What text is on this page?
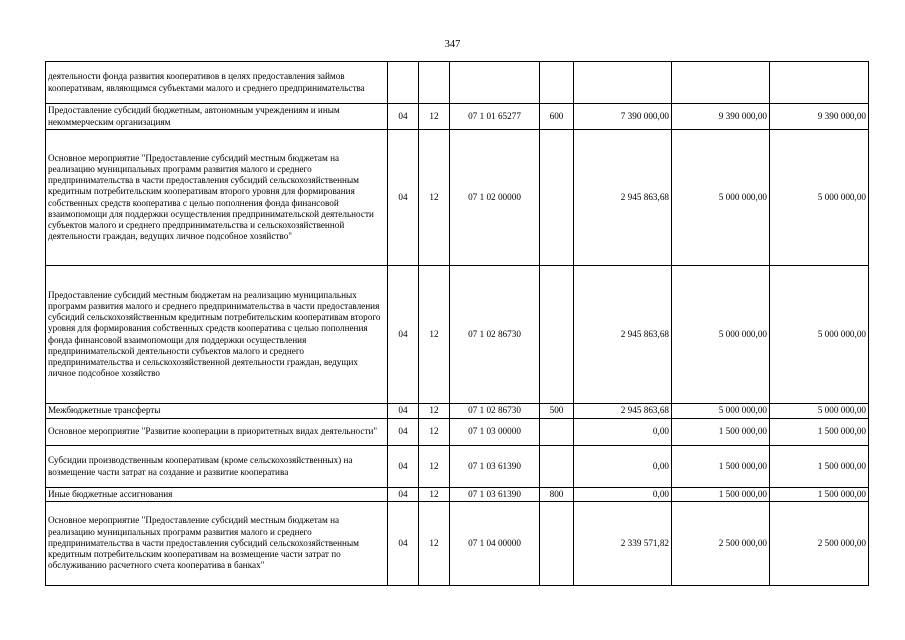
347
деятельности фонда развития кооперативов в целях предоставления займов кооперативам, являющимся субъектами малого и среднего предпринимательства							
Предоставление субсидий бюджетным, автономным учреждениям и иным некоммерческим организациям	04	12	07 1 01 65277	600	7 390 000,00	9 390 000,00	9 390 000,00
Основное мероприятие "Предоставление субсидий местным бюджетам на реализацию муниципальных программ развития малого и среднего предпринимательства в части предоставления субсидий сельскохозяйственным кредитным потребительским кооперативам второго уровня для формирования собственных средств кооператива с целью пополнения фонда финансовой взаимопомощи для поддержки осуществления предпринимательской деятельности субъектов малого и среднего предпринимательства и сельскохозяйственной деятельности граждан, ведущих личное подсобное хозяйство"	04	12	07 1 02 00000		2 945 863,68	5 000 000,00	5 000 000,00
Предоставление субсидий местным бюджетам на реализацию муниципальных программ развития малого и среднего предпринимательства в части предоставления субсидий сельскохозяйственным кредитным потребительским кооперативам второго уровня для формирования собственных средств кооператива с целью пополнения фонда финансовой взаимопомощи для поддержки осуществления предпринимательской деятельности субъектов малого и среднего предпринимательства и сельскохозяйственной деятельности граждан, ведущих личное подсобное хозяйство	04	12	07 1 02 86730		2 945 863,68	5 000 000,00	5 000 000,00
Межбюджетные трансферты	04	12	07 1 02 86730	500	2 945 863,68	5 000 000,00	5 000 000,00
Основное мероприятие "Развитие кооперации в приоритетных видах деятельности"	04	12	07 1 03 00000		0,00	1 500 000,00	1 500 000,00
Субсидии производственным кооперативам (кроме сельскохозяйственных) на возмещение части затрат на создание и развитие кооператива	04	12	07 1 03 61390		0,00	1 500 000,00	1 500 000,00
Иные бюджетные ассигнования	04	12	07 1 03 61390	800	0,00	1 500 000,00	1 500 000,00
Основное мероприятие "Предоставление субсидий местным бюджетам на реализацию муниципальных программ развития малого и среднего предпринимательства в части предоставления субсидий сельскохозяйственным кредитным потребительским кооперативам на возмещение части затрат по обслуживанию расчетного счета кооператива в банках"	04	12	07 1 04 00000		2 339 571,82	2 500 000,00	2 500 000,00
